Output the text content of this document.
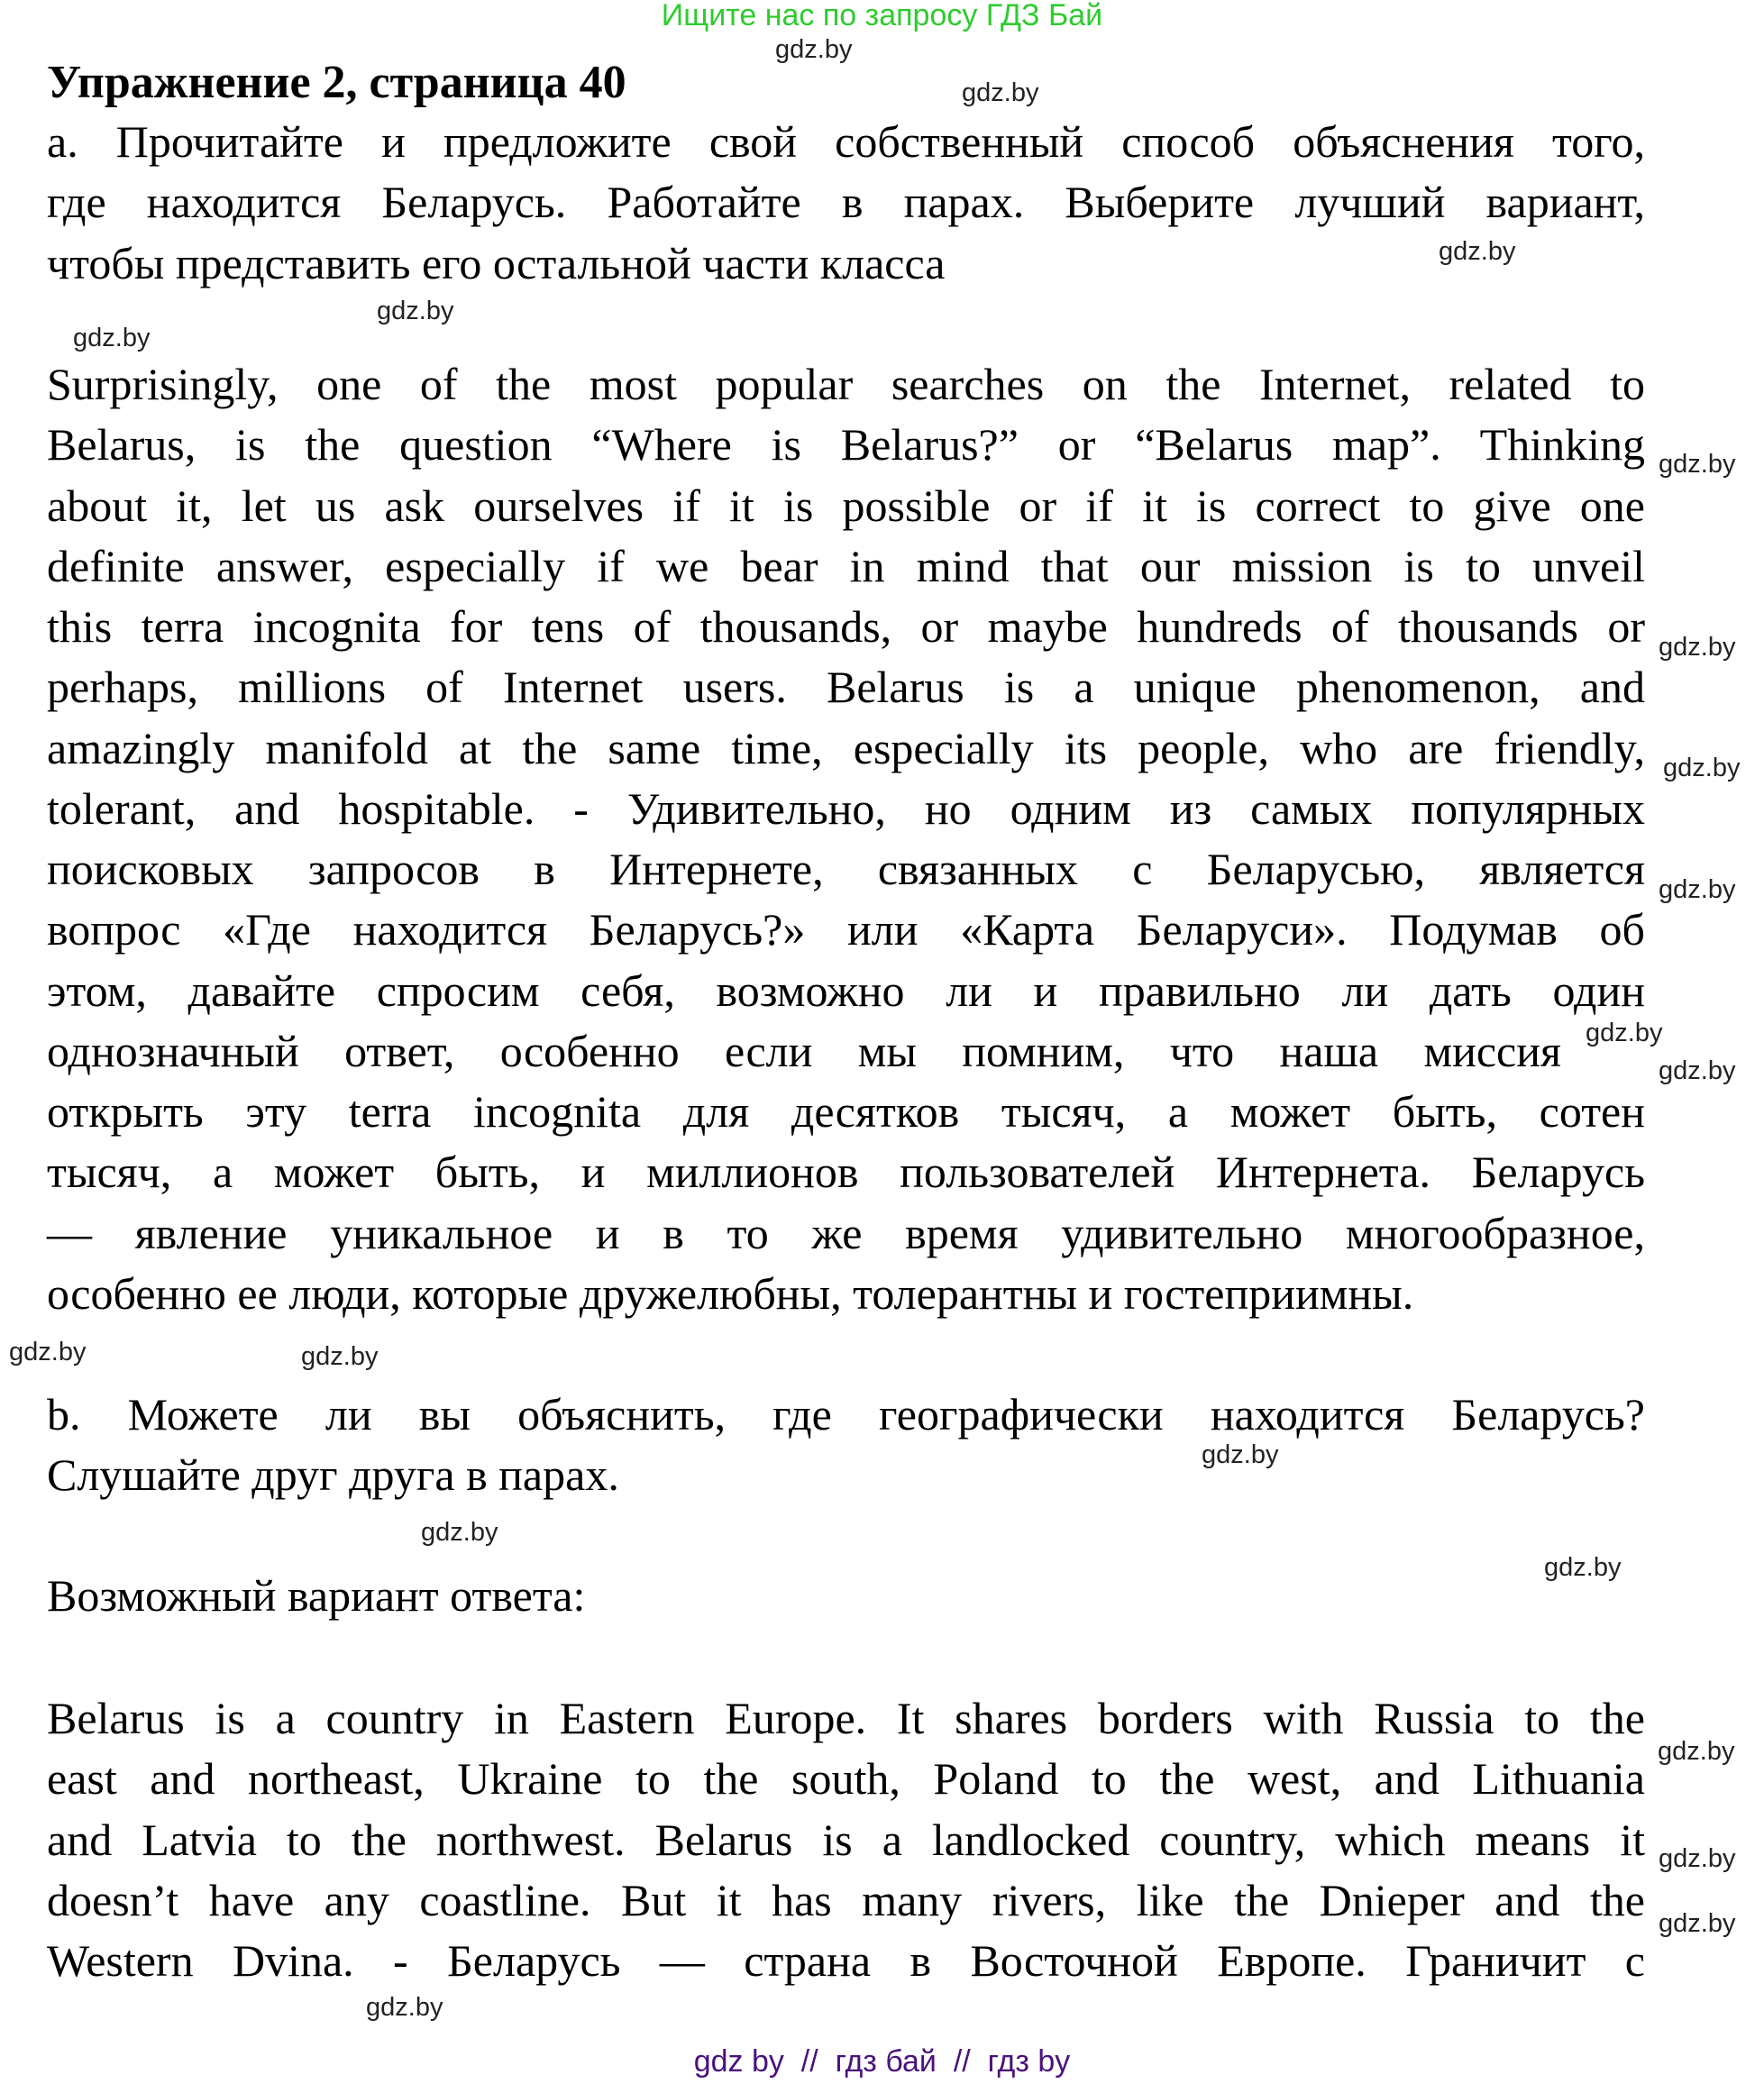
Ищите нас по запросу ГДЗ Бай
Упражнение 2, страница 40
a. Прочитайте и предложите свой собственный способ объяснения того,
где находится Беларусь. Работайте в парах. Выберите лучший вариант,
чтобы представить его остальной части класса
Surprisingly, one of the most popular searches on the Internet, related to
Belarus, is the question “Where is Belarus?” or “Belarus map”. Thinking
about it, let us ask ourselves if it is possible or if it is correct to give one
definite answer, especially if we bear in mind that our mission is to unveil
this terra incognita for tens of thousands, or maybe hundreds of thousands or
perhaps, millions of Internet users. Belarus is a unique phenomenon, and
amazingly manifold at the same time, especially its people, who are friendly,
tolerant, and hospitable. - Удивительно, но одним из самых популярных
поисковых запросов в Интернете, связанных с Беларусью, является
вопрос «Где находится Беларусь?» или «Карта Беларуси». Подумав об
этом, давайте спросим себя, возможно ли и правильно ли дать один
однозначный ответ, особенно если мы помним, что наша миссия
открыть эту terra incognita для десятков тысяч, а может быть, сотен
тысяч, а может быть, и миллионов пользователей Интернета. Беларусь
— явление уникальное и в то же время удивительно многообразное,
особенно ее люди, которые дружелюбны, толерантны и гостеприимны.
b. Можете ли вы объяснить, где географически находится Беларусь?
Слушайте друг друга в парах.
Возможный вариант ответа:
Belarus is a country in Eastern Europe. It shares borders with Russia to the
east and northeast, Ukraine to the south, Poland to the west, and Lithuania
and Latvia to the northwest. Belarus is a landlocked country, which means it
doesn’t have any coastline. But it has many rivers, like the Dnieper and the
Western Dvina. - Беларусь — страна в Восточной Европе. Граничит с
gdz.by
gdz.by
gdz.by
gdz.by
gdz.by
gdz.by
gdz.by
gdz.by
gdz.by
gdz.by
gdz.by
gdz.by	gdz.by
gdz.by
gdz.by
gdz.by
gdz.by
gdz.by
gdz.by
gdz.by
gdz by  //  гдз бай  //  гдз by
